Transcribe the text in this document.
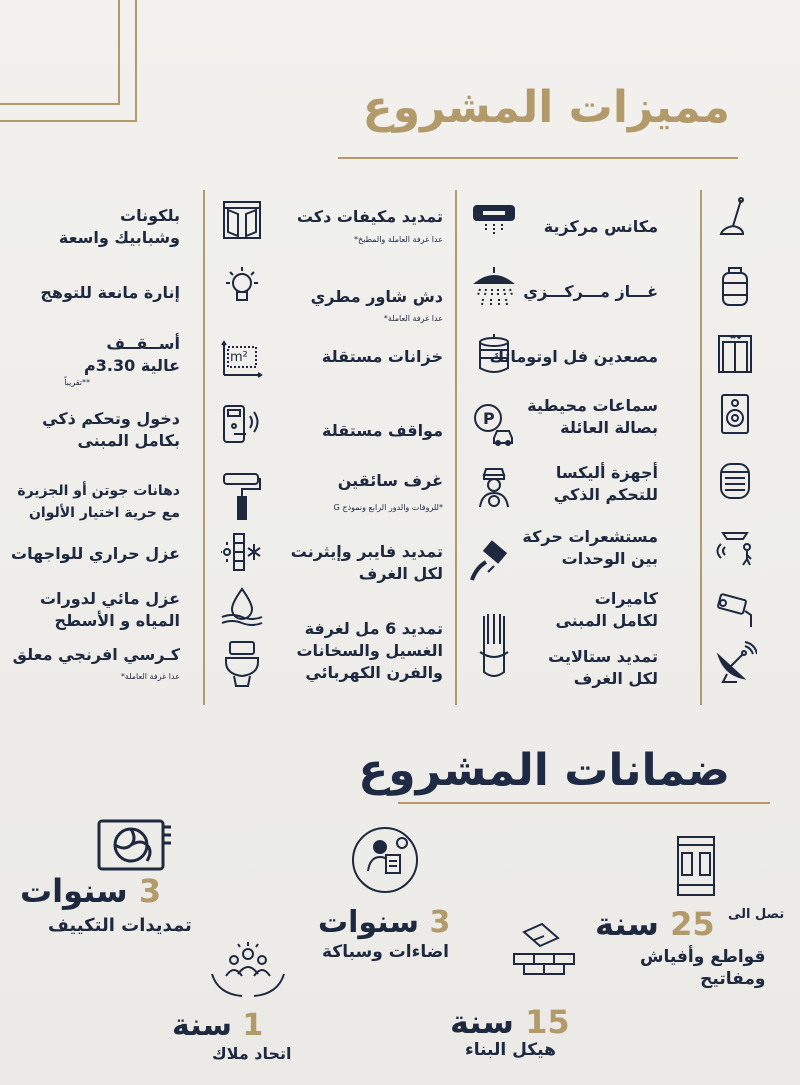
مميزات المشروع
مكانس مركزية
غـــاز مـــركـــزي
مصعدين فل اوتوماتك
سماعات محيطية
بصالة العائلة
أجهزة أليكسا
للتحكم الذكي
مستشعرات حركة
بين الوحدات
كاميرات
لكامل المبنى
تمديد ستالايت
لكل الغرف
تمديد مكيفات دكت
عدا غرفة العاملة والمطبخ*
دش شاور مطري
عدا غرفة العاملة*
خزانات مستقلة
P
مواقف مستقلة
غرف سائقين
*للروفات والدور الرابع ونموذج G
تمديد فايبر وإيثرنت
لكل الغرف
تمديد 6 مل لغرفة
الغسيل والسخانات
والفرن الكهربائي
بلكونات
وشبابيك واسعة
إنارة مانعة للتوهج
m²
أســقــف
عالية 3.30م
**تقريباً
دخول وتحكم ذكي
بكامل المبنى
دهانات جوتن أو الجزيرة
مع حرية اختيار الألوان
عزل حراري للواجهات
عزل مائي لدورات
المياه و الأسطح
كـرسي افرنجي معلق
عدا غرفة العاملة*
ضمانات المشروع
3 سنوات
تمديدات التكييف	3 سنوات
اضاءات وسباكة
تصل الى
25 سنة
قواطع وأفياش
ومفاتيح
1 سنة
اتحاد ملاك
15 سنة
هيكل البناء
